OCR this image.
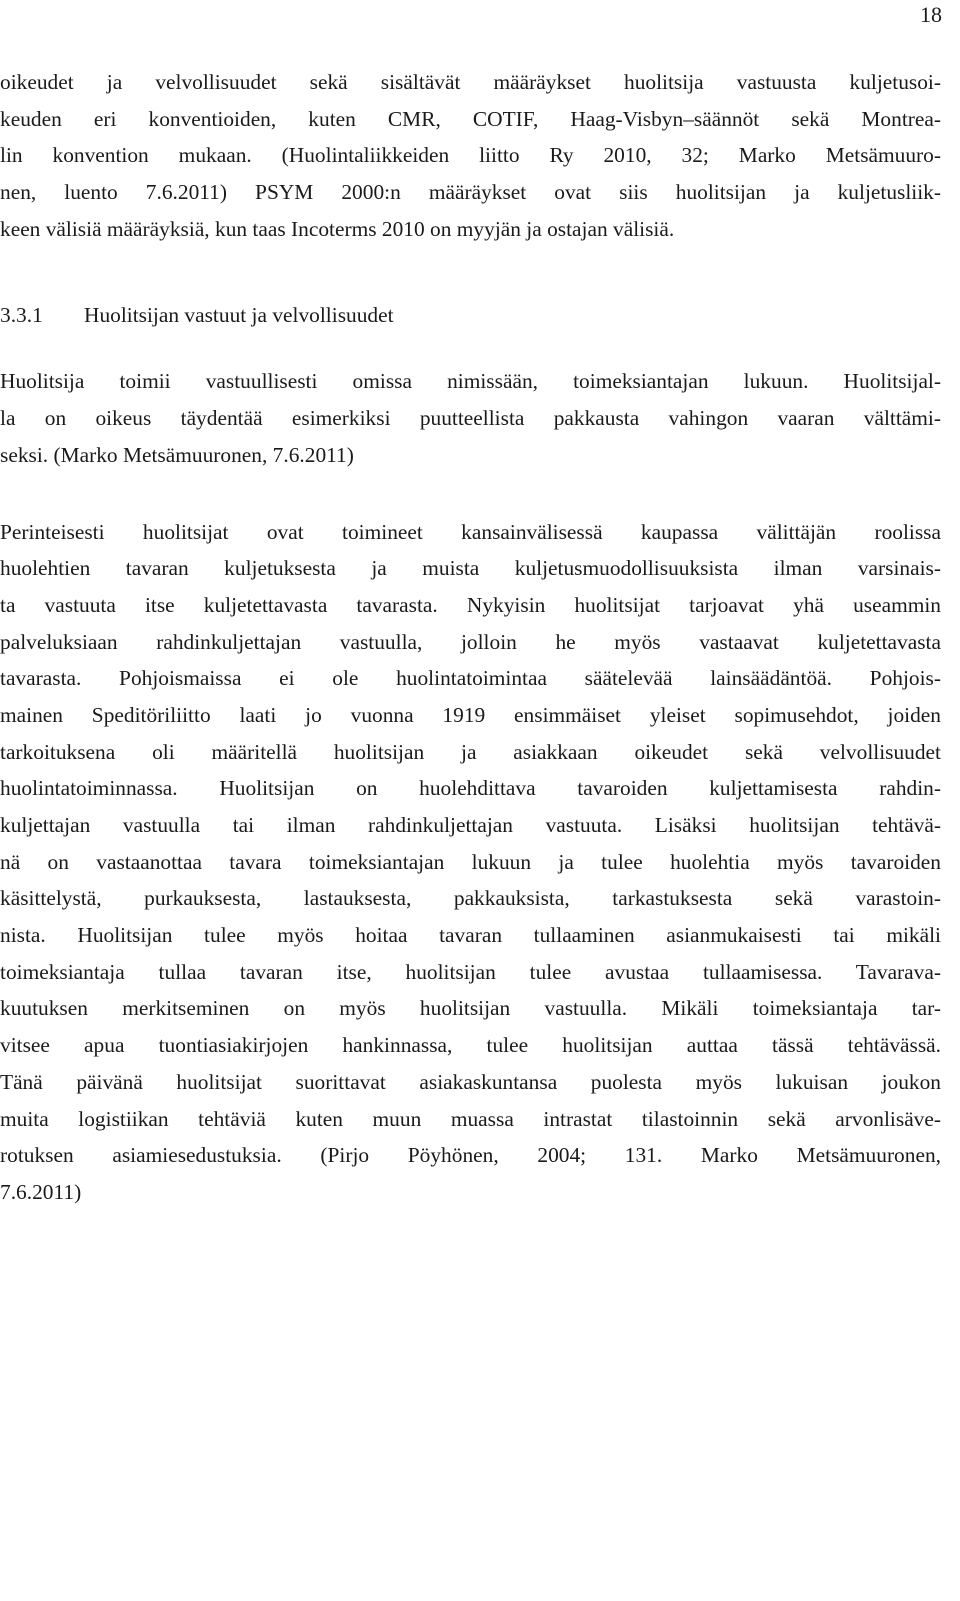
18
oikeudet ja velvollisuudet sekä sisältävät määräykset huolitsija vastuusta kuljetusoi-
keuden eri konventioiden, kuten CMR, COTIF, Haag-Visbyn–säännöt sekä Montrea-
lin konvention mukaan. (Huolintaliikkeiden liitto Ry 2010, 32; Marko Metsämuuro-
nen, luento 7.6.2011) PSYM 2000:n määräykset ovat siis huolitsijan ja kuljetusliik-
keen välisiä määräyksiä, kun taas Incoterms 2010 on myyjän ja ostajan välisiä.
3.3.1	Huolitsijan vastuut ja velvollisuudet
Huolitsija toimii vastuullisesti omissa nimissään, toimeksiantajan lukuun. Huolitsijal-
la on oikeus täydentää esimerkiksi puutteellista pakkausta vahingon vaaran välttämi-
seksi. (Marko Metsämuuronen, 7.6.2011)
Perinteisesti huolitsijat ovat toimineet kansainvälisessä kaupassa välittäjän roolissa
huolehtien tavaran kuljetuksesta ja muista kuljetusmuodollisuuksista ilman varsinais-
ta vastuuta itse kuljetettavasta tavarasta. Nykyisin huolitsijat tarjoavat yhä useammin
palveluksiaan rahdinkuljettajan vastuulla, jolloin he myös vastaavat kuljetettavasta
tavarasta. Pohjoismaissa ei ole huolintatoimintaa säätelevää lainsäädäntöä. Pohjois-
mainen Speditöriliitto laati jo vuonna 1919 ensimmäiset yleiset sopimusehdot, joiden
tarkoituksena oli määritellä huolitsijan ja asiakkaan oikeudet sekä velvollisuudet
huolintatoiminnassa. Huolitsijan on huolehdittava tavaroiden kuljettamisesta rahdin-
kuljettajan vastuulla tai ilman rahdinkuljettajan vastuuta. Lisäksi huolitsijan tehtävä-
nä on vastaanottaa tavara toimeksiantajan lukuun ja tulee huolehtia myös tavaroiden
käsittelystä, purkauksesta, lastauksesta, pakkauksista, tarkastuksesta sekä varastoin-
nista. Huolitsijan tulee myös hoitaa tavaran tullaaminen asianmukaisesti tai mikäli
toimeksiantaja tullaa tavaran itse, huolitsijan tulee avustaa tullaamisessa. Tavarava-
kuutuksen merkitseminen on myös huolitsijan vastuulla. Mikäli toimeksiantaja tar-
vitsee apua tuontiasiakirjojen hankinnassa, tulee huolitsijan auttaa tässä tehtävässä.
Tänä päivänä huolitsijat suorittavat asiakaskuntansa puolesta myös lukuisan joukon
muita logistiikan tehtäviä kuten muun muassa intrastat tilastoinnin sekä arvonlisäve-
rotuksen asiamiesedustuksia. (Pirjo Pöyhönen, 2004; 131. Marko Metsämuuronen,
7.6.2011)
